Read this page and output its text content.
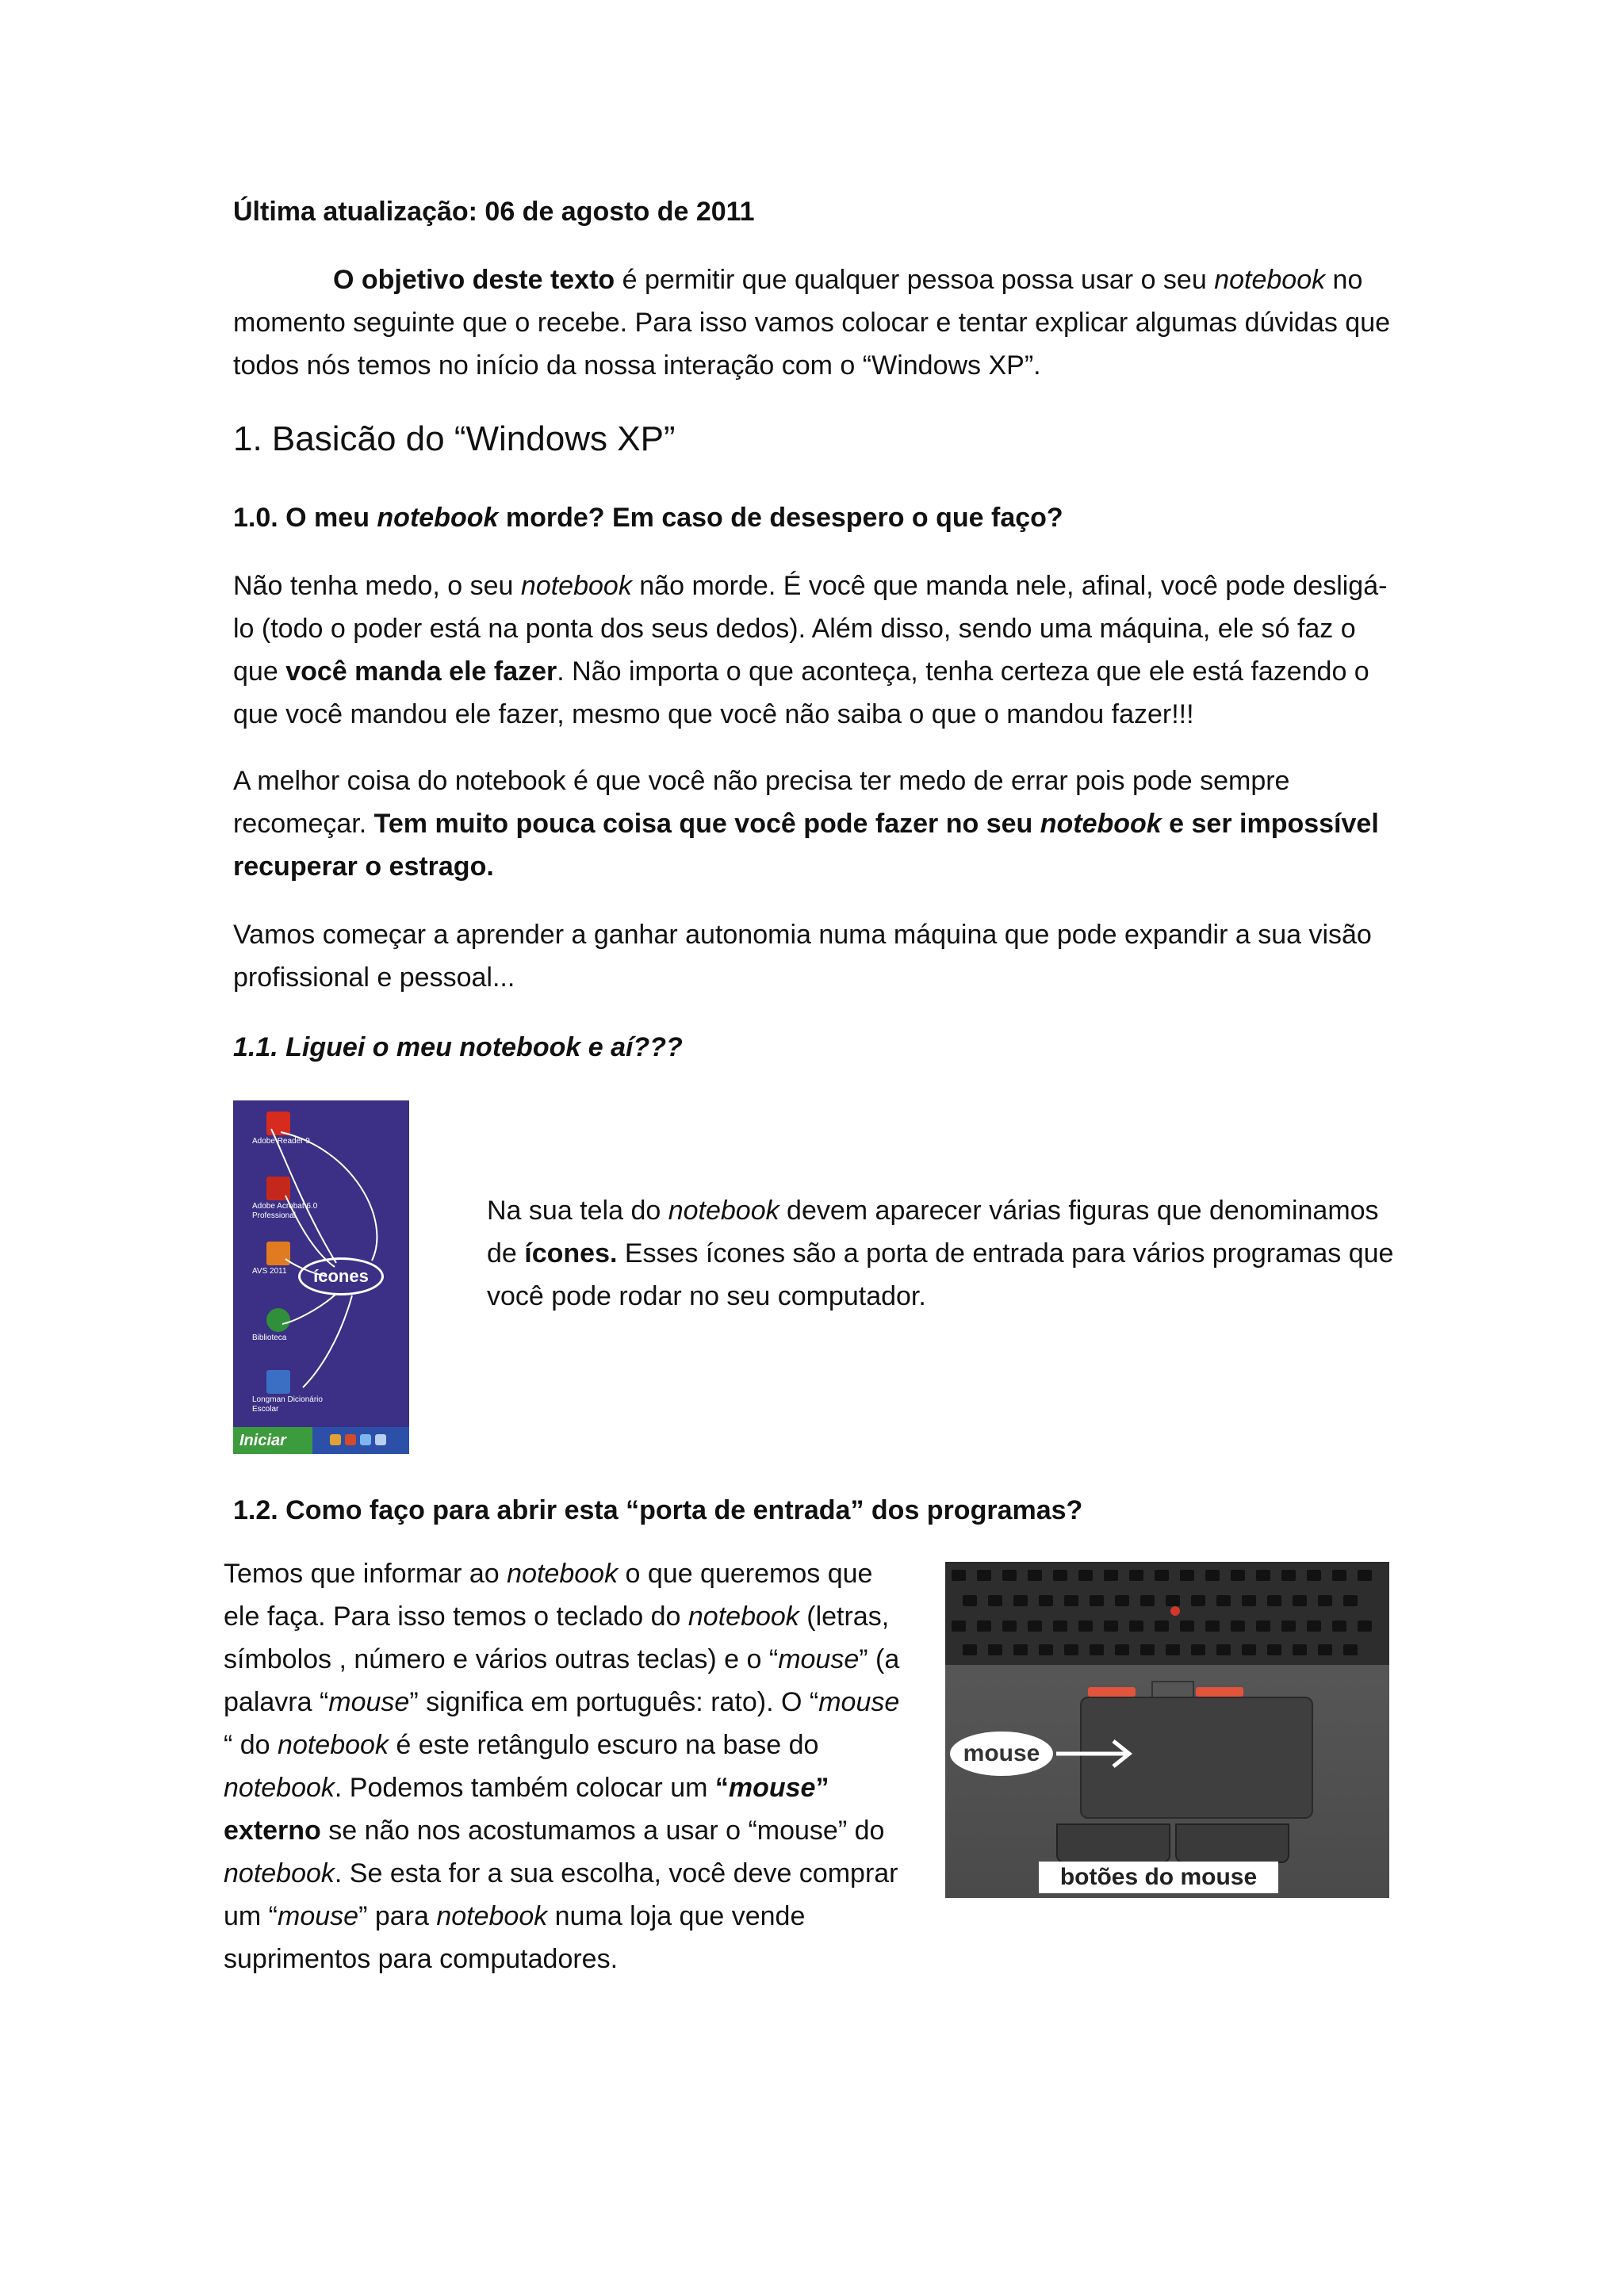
Última atualização: 06 de agosto de 2011

O objetivo deste texto é permitir que qualquer pessoa possa usar o seu notebook no momento seguinte que o recebe. Para isso vamos colocar e tentar explicar algumas dúvidas que todos nós temos no início da nossa interação com o “Windows XP”.

1. Basicão do “Windows XP”

1.0. O meu notebook morde? Em caso de desespero o que faço?

Não tenha medo, o seu notebook não morde. É você que manda nele, afinal, você pode desligá-lo (todo o poder está na ponta dos seus dedos). Além disso, sendo uma máquina, ele só faz o que você manda ele fazer. Não importa o que aconteça, tenha certeza que ele está fazendo o que você mandou ele fazer, mesmo que você não saiba o que o mandou fazer!!!

A melhor coisa do notebook é que você não precisa ter medo de errar pois pode sempre recomeçar. Tem muito pouca coisa que você pode fazer no seu notebook e ser impossível recuperar o estrago.

Vamos começar a aprender a ganhar autonomia numa máquina que pode expandir a sua visão profissional e pessoal...

1.1. Liguei o meu notebook e aí???

Adobe Reader 9
Adobe Acrobat 6.0 Professional
AVS 2011
Biblioteca
Longman Dicionário Escolar
ícones
Iniciar

Na sua tela do notebook devem aparecer várias figuras que denominamos de ícones. Esses ícones são a porta de entrada para vários programas que você pode rodar no seu computador.

1.2. Como faço para abrir esta “porta de entrada” dos programas?

Temos que informar ao notebook o que queremos que ele faça. Para isso temos o teclado do notebook (letras, símbolos , número e vários outras teclas) e o “mouse” (a palavra “mouse” significa em português: rato). O “mouse “ do notebook é este retângulo escuro na base do notebook. Podemos também colocar um “mouse” externo se não nos acostumamos a usar o “mouse” do notebook. Se esta for a sua escolha, você deve comprar um “mouse” para notebook numa loja que vende suprimentos para computadores.

mouse
botões do mouse
